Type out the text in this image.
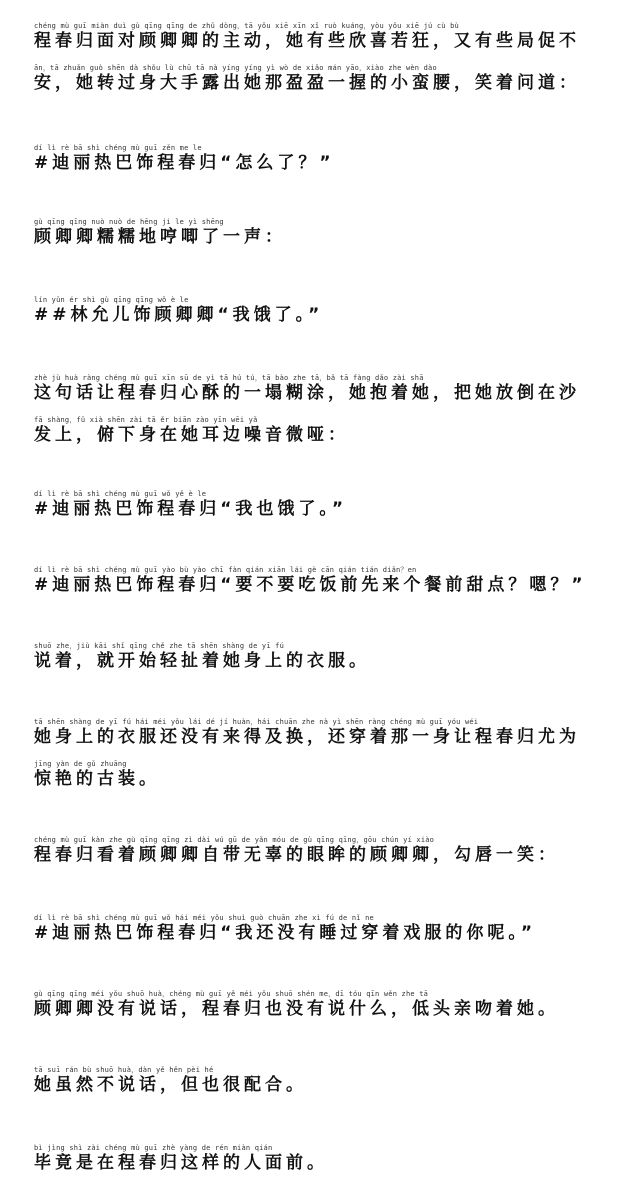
chéng mù guī miàn duì gù qīng qīng de zhǔ dòng，tā yǒu xiē xīn xǐ ruò kuáng，yòu yǒu xiē jú cù bù
程春归面对顾卿卿的主动，她有些欣喜若狂，又有些局促不
ān，tā zhuǎn guò shēn dà shǒu lù chū tā nà yíng yíng yì wò de xiǎo mán yāo，xiào zhe wèn dào
安，她转过身大手露出她那盈盈一握的小蛮腰，笑着问道：
dí lì rè bā shì chéng mù guī zěn me le
#迪丽热巴饰程春归“怎么了？”
gù qīng qīng nuò nuò de hēng ji le yì shēng
顾卿卿糯糯地哼唧了一声：
lín yǔn ér shì gù qīng qīng wǒ è le
##林允儿饰顾卿卿“我饿了。”
zhè jù huà ràng chéng mù guī xīn sū de yì tā hú tú，tā bào zhe tā，bǎ tā fàng dǎo zài shā
这句话让程春归心酥的一塌糊涂，她抱着她，把她放倒在沙
fā shàng，fǔ xià shēn zài tā ěr biān zào yīn wēi yǎ
发上，俯下身在她耳边噪音微哑：
dí lì rè bā shì chéng mù guī wǒ yě è le
#迪丽热巴饰程春归“我也饿了。”
dí lì rè bā shì chéng mù guī yào bù yào chī fàn qián xiān lái gè cān qián tián diǎn？en
#迪丽热巴饰程春归“要不要吃饭前先来个餐前甜点？嗯？”
shuō zhe，jiù kāi shǐ qīng chě zhe tā shēn shàng de yī fú
说着，就开始轻扯着她身上的衣服。
tā shēn shàng de yī fú hái méi yǒu lái dé jí huàn，hái chuān zhe nà yì shēn ràng chéng mù guī yóu wéi
她身上的衣服还没有来得及换，还穿着那一身让程春归尤为
jīng yàn de gǔ zhuāng
惊艳的古装。
chéng mù guī kàn zhe gù qīng qīng zì dài wú gū de yǎn móu de gù qīng qīng，gōu chún yí xiào
程春归看着顾卿卿自带无辜的眼眸的顾卿卿，勾唇一笑：
dí lì rè bā shì chéng mù guī wǒ hái méi yǒu shuì guò chuān zhe xì fú de nǐ ne
#迪丽热巴饰程春归“我还没有睡过穿着戏服的你呢。”
gù qīng qīng méi yǒu shuō huà，chéng mù guī yě méi yǒu shuō shén me，dī tóu qīn wěn zhe tā
顾卿卿没有说话，程春归也没有说什么，低头亲吻着她。
tā suī rán bù shuō huà，dàn yě hěn pèi hé
她虽然不说话，但也很配合。
bì jìng shì zài chéng mù guī zhè yàng de rén miàn qián
毕竟是在程春归这样的人面前。
